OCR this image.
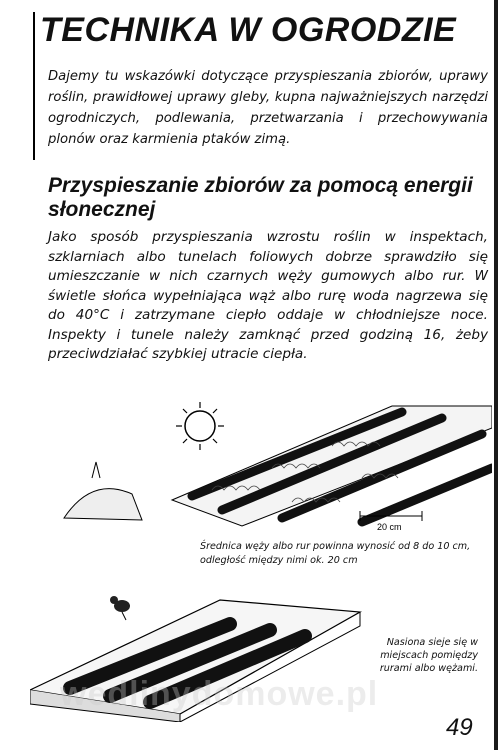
TECHNIKA W OGRODZIE
Dajemy tu wskazówki dotyczące przyspieszania zbiorów, uprawy roślin, prawidłowej uprawy gleby, kupna najważniejszych narzędzi ogrodniczych, podlewania, przetwarzania i przechowywania plonów oraz karmienia ptaków zimą.
Przyspieszanie zbiorów za pomocą energii słonecznej
Jako sposób przyspieszania wzrostu roślin w inspektach, szklarniach albo tunelach foliowych dobrze sprawdziło się umieszczanie w nich czarnych węży gumowych albo rur. W świetle słońca wypełniająca wąż albo rurę woda nagrzewa się do 40°C i zatrzymane ciepło oddaje w chłodniejsze noce. Inspekty i tunele należy zamknąć przed godziną 16, żeby przeciwdziałać szybkiej utracie ciepła.
20 cm
Średnica węży albo rur powinna wynosić od 8 do 10 cm, odległość między nimi ok. 20 cm
Nasiona sieje się w miejscach pomiędzy rurami albo wężami.
wedlinydomowe.pl
49
